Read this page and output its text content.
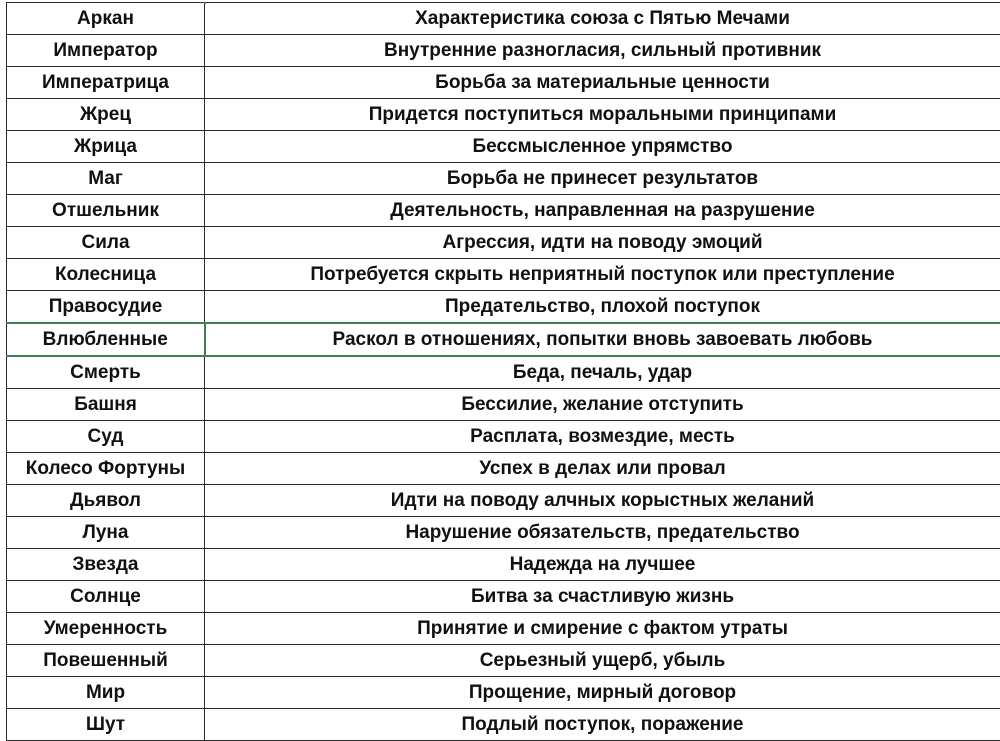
Аркан	Характеристика союза с Пятью Мечами
Император	Внутренние разногласия, сильный противник
Императрица	Борьба за материальные ценности
Жрец	Придется поступиться моральными принципами
Жрица	Бессмысленное упрямство
Маг	Борьба не принесет результатов
Отшельник	Деятельность, направленная на разрушение
Сила	Агрессия, идти на поводу эмоций
Колесница	Потребуется скрыть неприятный поступок или преступление
Правосудие	Предательство, плохой поступок
Влюбленные	Раскол в отношениях, попытки вновь завоевать любовь
Смерть	Беда, печаль, удар
Башня	Бессилие, желание отступить
Суд	Расплата, возмездие, месть
Колесо Фортуны	Успех в делах или провал
Дьявол	Идти на поводу алчных корыстных желаний
Луна	Нарушение обязательств, предательство
Звезда	Надежда на лучшее
Солнце	Битва за счастливую жизнь
Умеренность	Принятие и смирение с фактом утраты
Повешенный	Серьезный ущерб, убыль
Мир	Прощение, мирный договор
Шут	Подлый поступок, поражение
